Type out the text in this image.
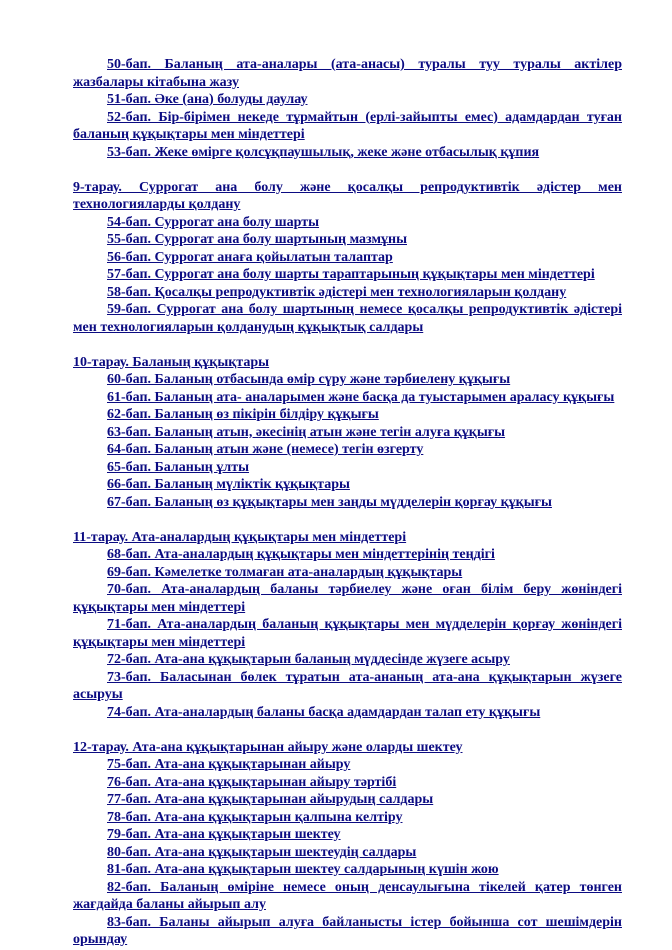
50-бап. Баланың ата-аналары (ата-анасы) туралы туу туралы актілер жазбалары кітабына жазу

51-бап. Әке (ана) болуды даулау

52-бап. Бір-бірімен некеде тұрмайтын (ерлі-зайыпты емес) адамдардан туған баланың құқықтары мен міндеттері

53-бап. Жеке өмірге қолсұқпаушылық, жеке және отбасылық құпия

9-тарау. Суррогат ана болу және қосалқы репродуктивтік әдістер мен технологияларды қолдану

54-бап. Суррогат ана болу шарты

55-бап. Суррогат ана болу шартының мазмұны

56-бап. Суррогат анаға қойылатын талаптар

57-бап. Суррогат ана болу шарты тараптарының құқықтары мен міндеттері

58-бап. Қосалқы репродуктивтік әдістері мен технологияларын қолдану

59-бап. Суррогат ана болу шартының немесе қосалқы репродуктивтік әдістері мен технологияларын қолданудың құқықтық салдары

10-тарау. Баланың құқықтары

60-бап. Баланың отбасында өмір сүру және тәрбиелену құқығы

61-бап. Баланың ата- аналарымен және басқа да туыстарымен араласу құқығы

62-бап. Баланың өз пікірін білдіру құқығы

63-бап. Баланың атын, әкесінің атын және тегін алуға құқығы

64-бап. Баланың атын және (немесе) тегін өзгерту

65-бап. Баланың ұлты

66-бап. Баланың мүліктік құқықтары

67-бап. Баланың өз құқықтары мен заңды мүдделерін қорғау құқығы

11-тарау. Ата-аналардың құқықтары мен міндеттері

68-бап. Ата-аналардың құқықтары мен міндеттерінің теңдігі

69-бап. Кәмелетке толмаған ата-аналардың құқықтары

70-бап. Ата-аналардың баланы тәрбиелеу және оған білім беру жөніндегі құқықтары мен міндеттері

71-бап. Ата-аналардың баланың құқықтары мен мүдделерін қорғау жөніндегі құқықтары мен міндеттері

72-бап. Ата-ана құқықтарын баланың мүддесінде жүзеге асыру

73-бап. Баласынан бөлек тұратын ата-ананың ата-ана құқықтарын жүзеге асыруы

74-бап. Ата-аналардың баланы басқа адамдардан талап ету құқығы

12-тарау. Ата-ана құқықтарынан айыру және оларды шектеу

75-бап. Ата-ана құқықтарынан айыру

76-бап. Ата-ана құқықтарынан айыру тәртібі

77-бап. Ата-ана құқықтарынан айырудың салдары

78-бап. Ата-ана құқықтарын қалпына келтіру

79-бап. Ата-ана құқықтарын шектеу

80-бап. Ата-ана құқықтарын шектеудің салдары

81-бап. Ата-ана құқықтарын шектеу салдарының күшін жою

82-бап. Баланың өміріне немесе оның денсаулығына тікелей қатер төнген жағдайда баланы айырып алу

83-бап. Баланы айырып алуға байланысты істер бойынша сот шешімдерін орындау
